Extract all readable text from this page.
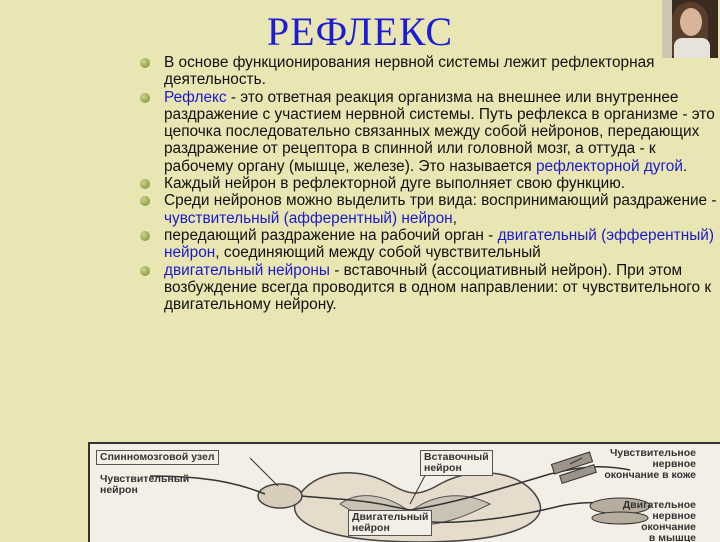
РЕФЛЕКС
В основе функционирования нервной системы лежит рефлекторная деятельность.
Рефлекс - это ответная реакция организма на внешнее или внутреннее раздражение с участием нервной системы. Путь рефлекса в организме - это цепочка последовательно связанных между собой нейронов, передающих раздражение от рецептора в спинной или головной мозг, а оттуда - к рабочему органу (мышце, железе). Это называется рефлекторной дугой.
Каждый нейрон в рефлекторной дуге выполняет свою функцию.
Среди нейронов можно выделить три вида: воспринимающий раздражение - чувствительный (афферентный) нейрон,
передающий раздражение на рабочий орган - двигательный (эфферентный) нейрон, соединяющий между собой чувствительный
двигательный нейроны - вставочный (ассоциативный нейрон). При этом возбуждение всегда проводится в одном направлении: от чувствительного к двигательному нейрону.
Спинномозговой узел
Чувствительный
нейрон
Вставочный
нейрон
Двигательный
нейрон
Чувствительное
нервное
окончание в коже
Двигательное
нервное
окончание
в мышце
